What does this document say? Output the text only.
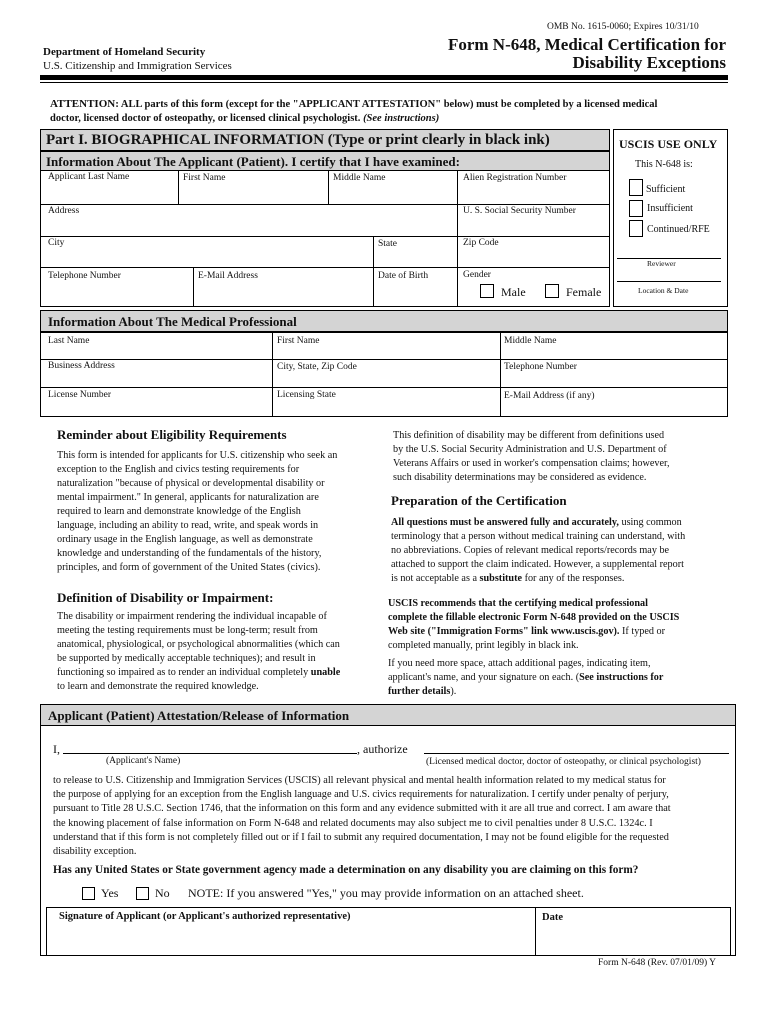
OMB No. 1615-0060; Expires 10/31/10
Department of Homeland Security
U.S. Citizenship and Immigration Services
Form N-648, Medical Certification for
Disability Exceptions
ATTENTION: ALL parts of this form (except for the "APPLICANT ATTESTATION" below) must be completed by a licensed medical
doctor, licensed doctor of osteopathy, or licensed clinical psychologist. (See instructions)
Part I. BIOGRAPHICAL INFORMATION (Type or print clearly in black ink)
Information About The Applicant (Patient). I certify that I have examined:
Applicant Last Name	First Name	Middle Name	Alien Registration Number
Address	U. S. Social Security Number
City	State	Zip Code
Telephone Number	E-Mail Address	Date of Birth	Gender
Male	Female
USCIS USE ONLY
This N-648 is:
Sufficient
Insufficient
Continued/RFE
Reviewer
Location & Date
Information About The Medical Professional
Last Name	First Name	Middle Name
Business Address	City, State, Zip Code	Telephone Number
License Number	Licensing State	E-Mail Address (if any)
Reminder about Eligibility Requirements
This form is intended for applicants for U.S. citizenship who seek an
exception to the English and civics testing requirements for
naturalization "because of physical or developmental disability or
mental impairment." In general, applicants for naturalization are
required to learn and demonstrate knowledge of the English
language, including an ability to read, write, and speak words in
ordinary usage in the English language, as well as demonstrate
knowledge and understanding of the fundamentals of the history,
principles, and form of government of the United States (civics).
Definition of Disability or Impairment:
The disability or impairment rendering the individual incapable of
meeting the testing requirements must be long-term; result from
anatomical, physiological, or psychological abnormalities (which can
be supported by medically acceptable techniques); and result in
functioning so impaired as to render an individual completely unable
to learn and demonstrate the required knowledge.
This definition of disability may be different from definitions used
by the U.S. Social Security Administration and U.S. Department of
Veterans Affairs or used in worker's compensation claims; however,
such disability determinations may be considered as evidence.
Preparation of the Certification
All questions must be answered fully and accurately, using common
terminology that a person without medical training can understand, with
no abbreviations. Copies of relevant medical reports/records may be
attached to support the claim indicated. However, a supplemental report
is not acceptable as a substitute for any of the responses.
USCIS recommends that the certifying medical professional
complete the fillable electronic Form N-648 provided on the USCIS
Web site ("Immigration Forms" link www.uscis.gov). If typed or
completed manually, print legibly in black ink.
If you need more space, attach additional pages, indicating item,
applicant's name, and your signature on each. (See instructions for
further details).
Applicant (Patient) Attestation/Release of Information
I,	, authorize
(Applicant's Name)	(Licensed medical doctor, doctor of osteopathy, or clinical psychologist)
to release to U.S. Citizenship and Immigration Services (USCIS) all relevant physical and mental health information related to my medical status for
the purpose of applying for an exception from the English language and U.S. civics requirements for naturalization. I certify under penalty of perjury,
pursuant to Title 28 U.S.C. Section 1746, that the information on this form and any evidence submitted with it are all true and correct. I am aware that
the knowing placement of false information on Form N-648 and related documents may also subject me to civil penalties under 8 U.S.C. 1324c. I
understand that if this form is not completely filled out or if I fail to submit any required documentation, I may not be found eligible for the requested
disability exception.
Has any United States or State government agency made a determination on any disability you are claiming on this form?
Yes	No NOTE: If you answered "Yes," you may provide information on an attached sheet.
Signature of Applicant (or Applicant's authorized representative)	Date
Form N-648 (Rev. 07/01/09) Y
